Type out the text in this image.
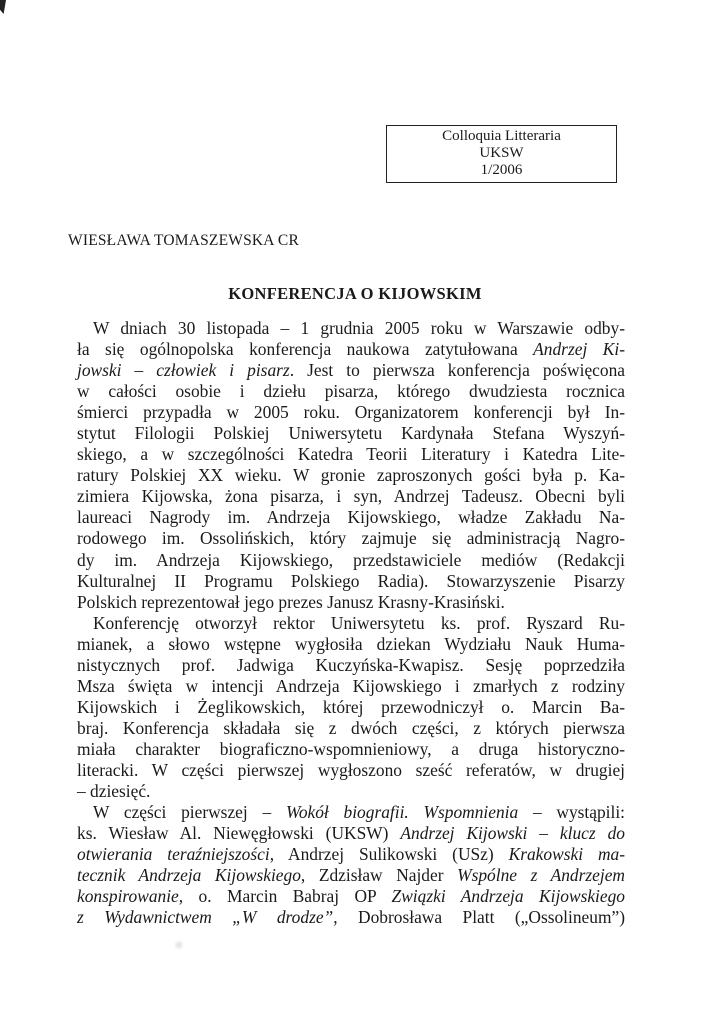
Colloquia Litteraria
UKSW
1/2006
WIESŁAWA TOMASZEWSKA CR
KONFERENCJA O KIJOWSKIM
W dniach 30 listopada – 1 grudnia 2005 roku w Warszawie odby-
ła się ogólnopolska konferencja naukowa zatytułowana Andrzej Ki-
jowski – człowiek i pisarz. Jest to pierwsza konferencja poświęcona
w całości osobie i dziełu pisarza, którego dwudziesta rocznica
śmierci przypadła w 2005 roku. Organizatorem konferencji był In-
stytut Filologii Polskiej Uniwersytetu Kardynała Stefana Wyszyń-
skiego, a w szczególności Katedra Teorii Literatury i Katedra Lite-
ratury Polskiej XX wieku. W gronie zaproszonych gości była p. Ka-
zimiera Kijowska, żona pisarza, i syn, Andrzej Tadeusz. Obecni byli
laureaci Nagrody im. Andrzeja Kijowskiego, władze Zakładu Na-
rodowego im. Ossolińskich, który zajmuje się administracją Nagro-
dy im. Andrzeja Kijowskiego, przedstawiciele mediów (Redakcji
Kulturalnej II Programu Polskiego Radia). Stowarzyszenie Pisarzy
Polskich reprezentował jego prezes Janusz Krasny-Krasiński.
Konferencję otworzył rektor Uniwersytetu ks. prof. Ryszard Ru-
mianek, a słowo wstępne wygłosiła dziekan Wydziału Nauk Huma-
nistycznych prof. Jadwiga Kuczyńska-Kwapisz. Sesję poprzedziła
Msza święta w intencji Andrzeja Kijowskiego i zmarłych z rodziny
Kijowskich i Żeglikowskich, której przewodniczył o. Marcin Ba-
braj. Konferencja składała się z dwóch części, z których pierwsza
miała charakter biograficzno-wspomnieniowy, a druga historyczno-
literacki. W części pierwszej wygłoszono sześć referatów, w drugiej
– dziesięć.
W części pierwszej – Wokół biografii. Wspomnienia – wystąpili:
ks. Wiesław Al. Niewęgłowski (UKSW) Andrzej Kijowski – klucz do
otwierania teraźniejszości, Andrzej Sulikowski (USz) Krakowski ma-
tecznik Andrzeja Kijowskiego, Zdzisław Najder Wspólne z Andrzejem
konspirowanie, o. Marcin Babraj OP Związki Andrzeja Kijowskiego
z Wydawnictwem „W drodze”, Dobrosława Platt („Ossolineum”)
